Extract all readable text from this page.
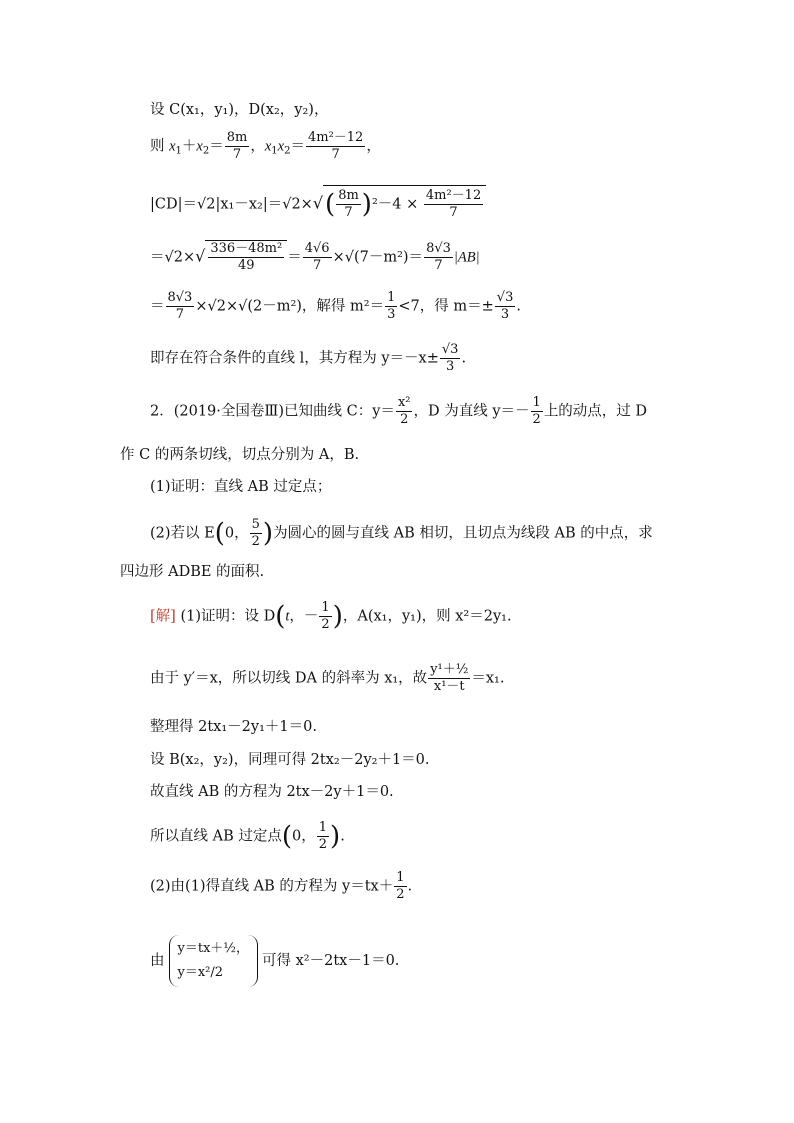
设 C(x₁，y₁)，D(x₂，y₂)，
则 $x_1+x_2= \frac{8m}{7}$ ，$x_1x_2= \frac{\text{4m²－12}}{7}$ ，
$|CD|=√2|x_1-x_2|=√2\times√( \frac{8m}{7} )^2-4 \times \frac{\text{4m²－12}}{7}$
$=√2\times√ \frac{\text{336－48m²}}{49} = \frac{4√6}{7} \times√(7-m^2)= \frac{8√3}{7} |AB|$
＝ $\frac{8√3}{7} \times√2\times√(2-m^2)$，解得 $m^2= \frac{1}{3} <7$，得 $m=\pm \frac{√3}{3}$ .
即存在符合条件的直线 l，其方程为 $y=-x\pm \frac{√3}{3}$ .
2．(2019·全国卷Ⅲ)已知曲线 C：$y= \frac{\text{x²}}{2}$ ，D 为直线 $y=- \frac{1}{2}$ 上的动点，过 D
作 C 的两条切线，切点分别为 A，B.
(1)证明：直线 AB 过定点；
(2)若以 E(0， $\frac{5}{2}$ )为圆心的圆与直线 AB 相切，且切点为线段 AB 的中点，求
四边形 ADBE 的面积.
[解] (1)证明：设 D(t，－ $\frac{1}{2}$ )，A(x₁，y₁)，则 x²＝2y₁.
由于 y′＝x，所以切线 DA 的斜率为 x₁，故 $\frac{\text{y¹＋½}}{\text{x¹－t}} =x_1$.
整理得 2tx₁－2y₁＋1＝0.
设 B(x₂，y₂)，同理可得 2tx₂－2y₂＋1＝0.
故直线 AB 的方程为 2tx－2y＋1＝0.
所以直线 AB 过定点(0， $\frac{1}{2}$ ).
(2)由(1)得直线 AB 的方程为 $y=tx+ \frac{1}{2}$ .
由
y＝tx＋½，
y＝x²/2
可得 x²－2tx－1＝0.
